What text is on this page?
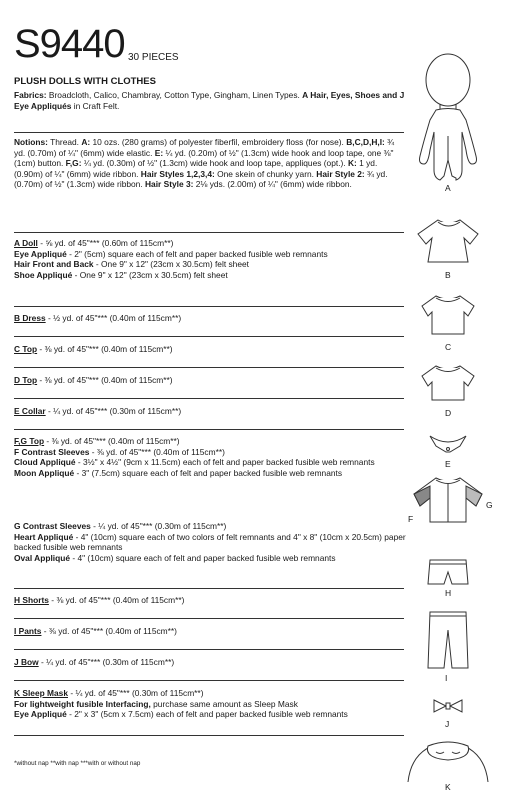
S9440 30 PIECES
PLUSH DOLLS WITH CLOTHES
Fabrics: Broadcloth, Calico, Chambray, Cotton Type, Gingham, Linen Types. A Hair, Eyes, Shoes and J Eye Appliqués in Craft Felt.
Notions: Thread. A: 10 ozs. (280 grams) of polyester fiberfil, embroidery floss (for nose). B,C,D,H,I: ¾ yd. (0.70m) of ¼" (6mm) wide elastic. E: ¼ yd. (0.20m) of ½" (1.3cm) wide hook and loop tape, one ⅜" (1cm) button. F,G: ¼ yd. (0.30m) of ½" (1.3cm) wide hook and loop tape, appliques (opt.). K: 1 yd. (0.90m) of ¼" (6mm) wide ribbon. Hair Styles 1,2,3,4: One skein of chunky yarn. Hair Style 2: ¾ yd. (0.70m) of ½" (1.3cm) wide ribbon. Hair Style 3: 2⅛ yds. (2.00m) of ¼" (6mm) wide ribbon.
A Doll - ⅝ yd. of 45"*** (0.60m of 115cm**)
Eye Appliqué - 2" (5cm) square each of felt and paper backed fusible web remnants
Hair Front and Back - One 9" x 12" (23cm x 30.5cm) felt sheet
Shoe Appliqué - One 9" x 12" (23cm x 30.5cm) felt sheet
B Dress - ½ yd. of 45"*** (0.40m of 115cm**)
C Top - ⅜ yd. of 45"*** (0.40m of 115cm**)
D Top - ⅜ yd. of 45"*** (0.40m of 115cm**)
E Collar - ¼ yd. of 45"*** (0.30m of 115cm**)
F,G Top - ⅜ yd. of 45"*** (0.40m of 115cm**)
F Contrast Sleeves - ⅜ yd. of 45"*** (0.40m of 115cm**)
Cloud Appliqué - 3½" x 4½" (9cm x 11.5cm) each of felt and paper backed fusible web remnants
Moon Appliqué - 3" (7.5cm) square each of felt and paper backed fusible web remnants
G Contrast Sleeves - ¼ yd. of 45"*** (0.30m of 115cm**)
Heart Appliqué - 4" (10cm) square each of two colors of felt remnants and 4" x 8" (10cm x 20.5cm) paper backed fusible web remnants
Oval Appliqué - 4" (10cm) square each of felt and paper backed fusible web remnants
H Shorts - ⅜ yd. of 45"*** (0.40m of 115cm**)
I Pants - ⅜ yd. of 45"*** (0.40m of 115cm**)
J Bow - ¼ yd. of 45"*** (0.30m of 115cm**)
K Sleep Mask - ¼ yd. of 45"*** (0.30m of 115cm**)
For lightweight fusible Interfacing, purchase same amount as Sleep Mask
Eye Appliqué - 2" x 3" (5cm x 7.5cm) each of felt and paper backed fusible web remnants
*without nap **with nap ***with or without nap
A
B
C
D
E
F
G
H
I
J
K
